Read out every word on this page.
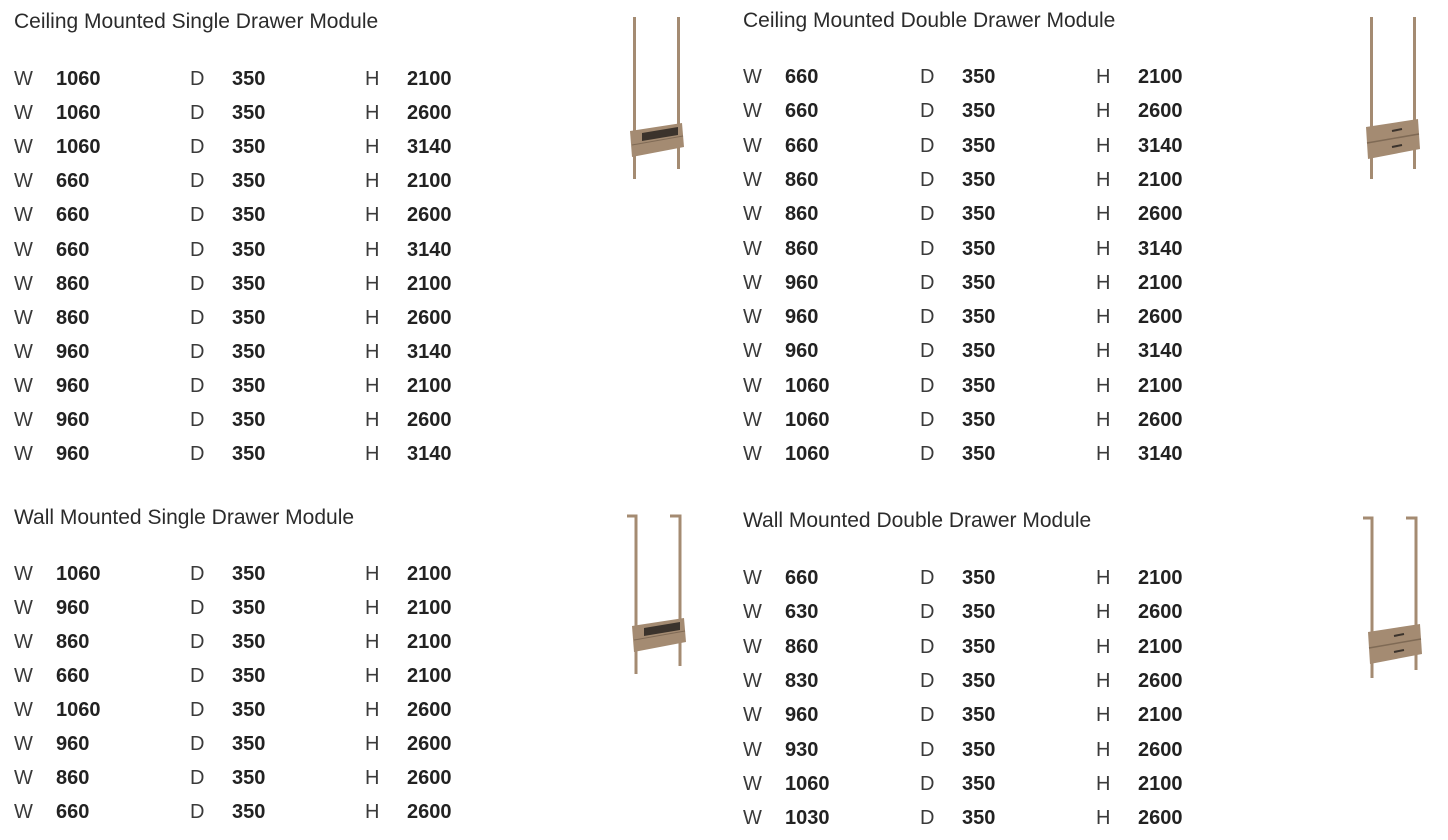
Ceiling Mounted Single Drawer Module
W 1060	D 350	H 2100
W 1060	D 350	H 2600
W 1060	D 350	H 3140
W 660	D 350	H 2100
W 660	D 350	H 2600
W 660	D 350	H 3140
W 860	D 350	H 2100
W 860	D 350	H 2600
W 960	D 350	H 3140
W 960	D 350	H 2100
W 960	D 350	H 2600
W 960	D 350	H 3140
Ceiling Mounted Double Drawer Module
W 660	D 350	H 2100
W 660	D 350	H 2600
W 660	D 350	H 3140
W 860	D 350	H 2100
W 860	D 350	H 2600
W 860	D 350	H 3140
W 960	D 350	H 2100
W 960	D 350	H 2600
W 960	D 350	H 3140
W 1060	D 350	H 2100
W 1060	D 350	H 2600
W 1060	D 350	H 3140
Wall Mounted Single Drawer Module
W 1060	D 350	H 2100
W 960	D 350	H 2100
W 860	D 350	H 2100
W 660	D 350	H 2100
W 1060	D 350	H 2600
W 960	D 350	H 2600
W 860	D 350	H 2600
W 660	D 350	H 2600
Wall Mounted Double Drawer Module
W 660	D 350	H 2100
W 630	D 350	H 2600
W 860	D 350	H 2100
W 830	D 350	H 2600
W 960	D 350	H 2100
W 930	D 350	H 2600
W 1060	D 350	H 2100
W 1030	D 350	H 2600
